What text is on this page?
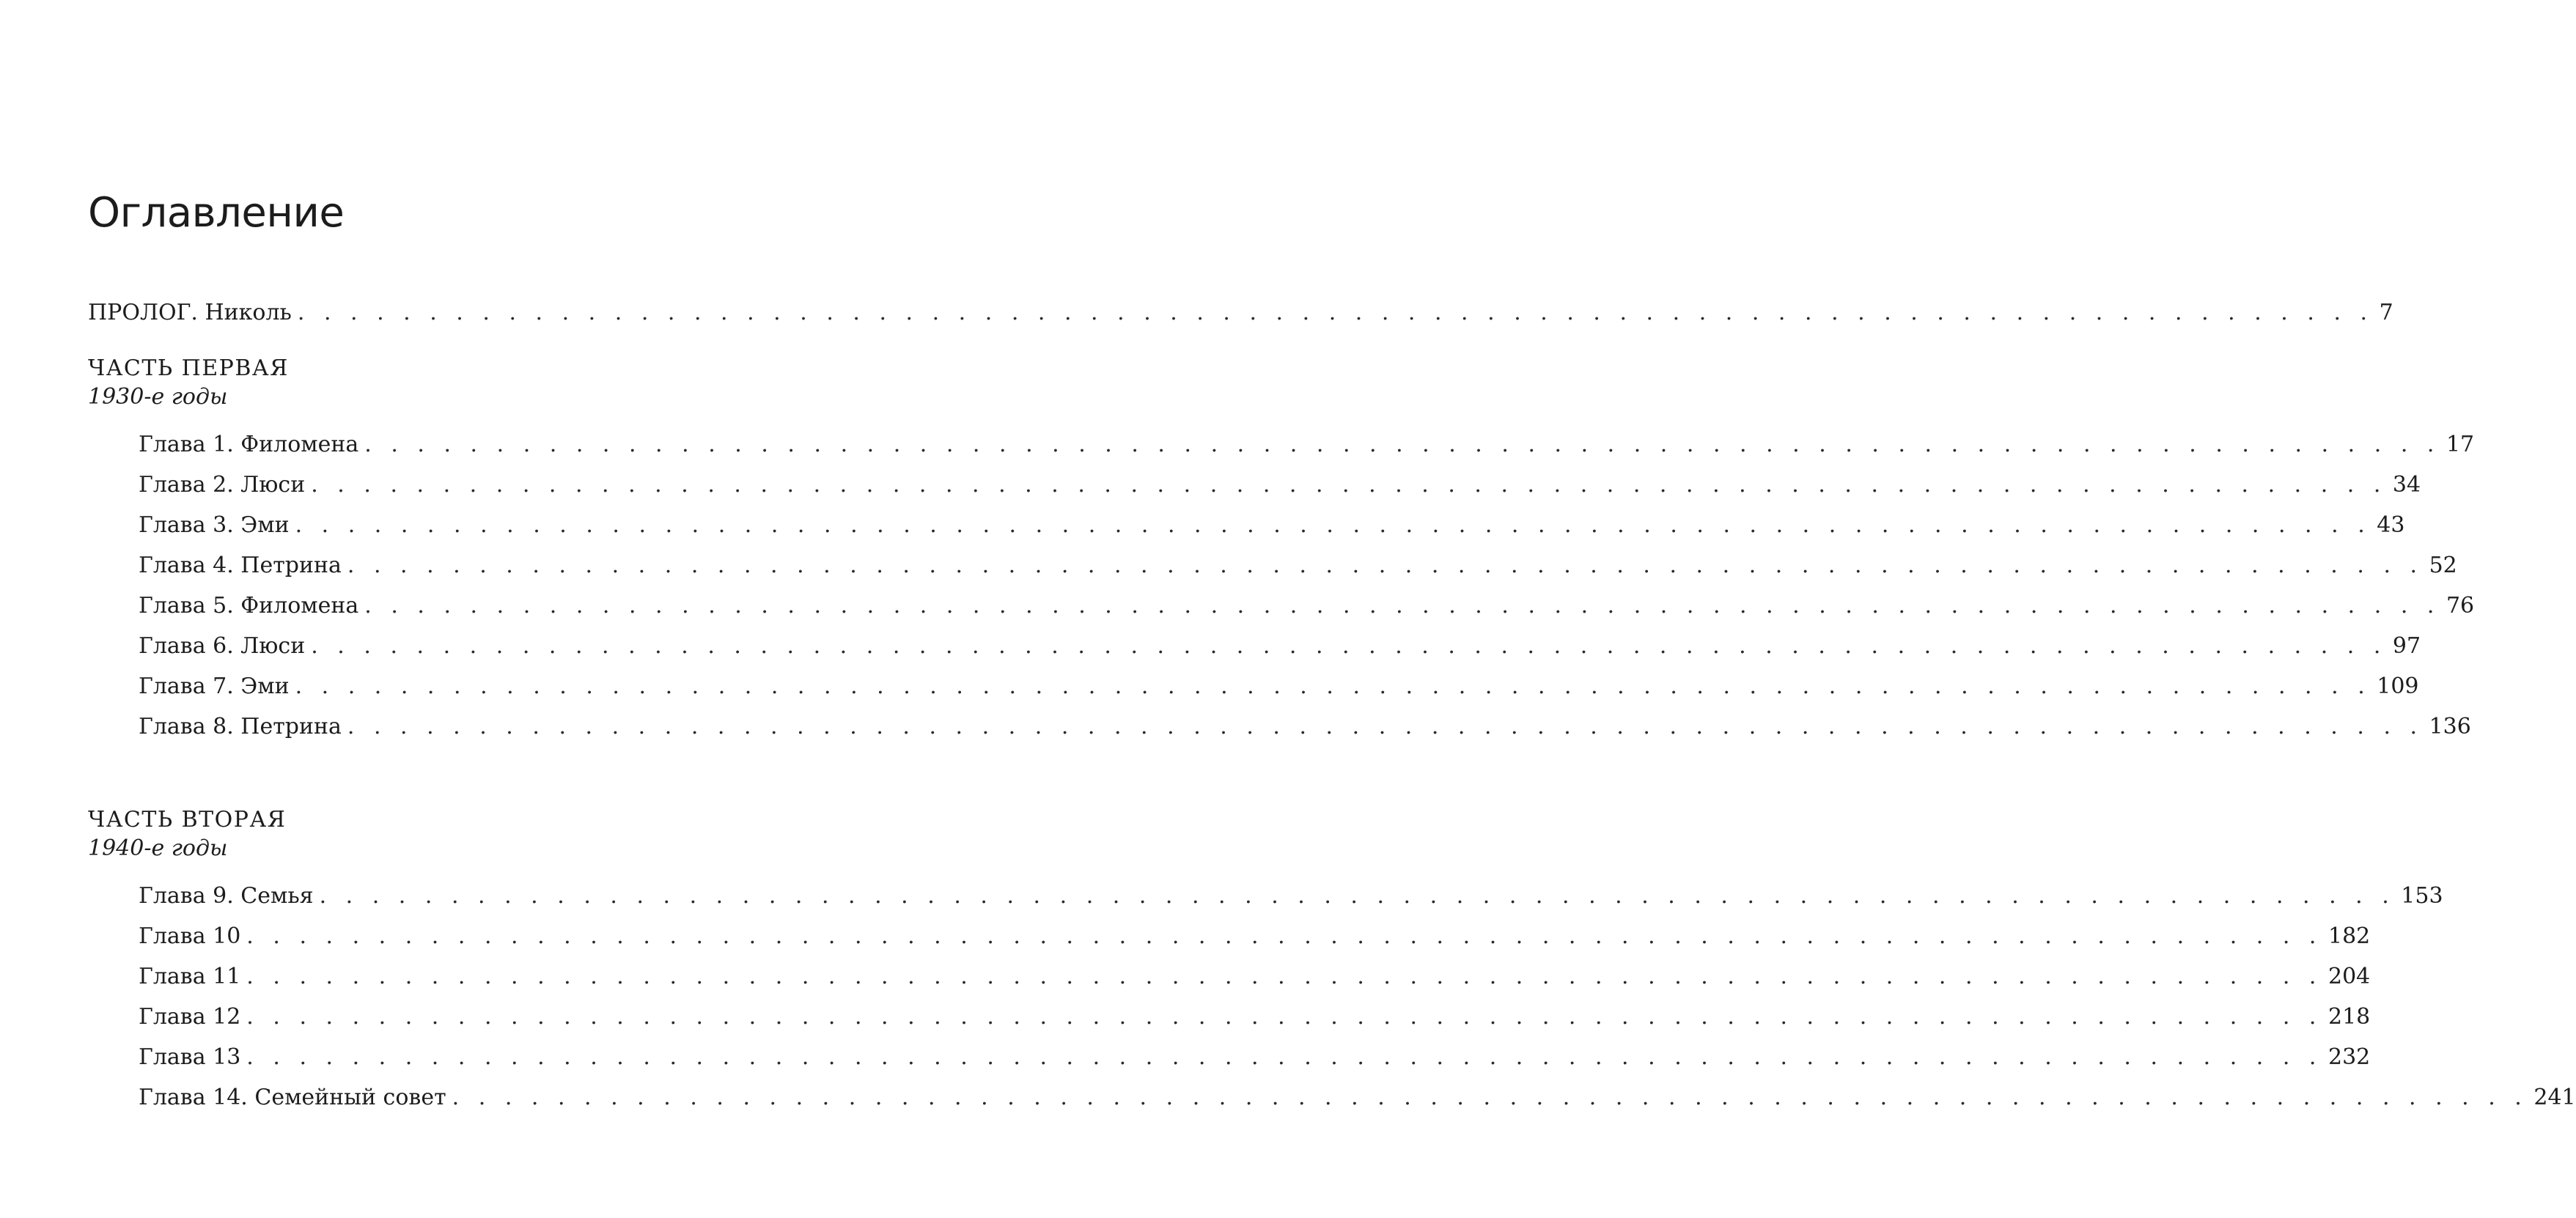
Оглавление
ПРОЛОГ. Николь . . . . . . . . . . . . . . . . . . . . . . . . . . . . . . . . . . . . . . . . . . . . . . . . . . . . . . . . . . . . . . . . . . . . . . . . . . . . . . . 7
ЧАСТЬ ПЕРВАЯ
1930-е годы
Глава 1. Филомена . . . . . . . . . . . . . . . . . . . . . . . . . . . . . . . . . . . . . . . . . . . . . . . . . . . . . . . . . . . . . . . . . . . . . . . . . . . . . . . 17
Глава 2. Люси . . . . . . . . . . . . . . . . . . . . . . . . . . . . . . . . . . . . . . . . . . . . . . . . . . . . . . . . . . . . . . . . . . . . . . . . . . . . . . . 34
Глава 3. Эми . . . . . . . . . . . . . . . . . . . . . . . . . . . . . . . . . . . . . . . . . . . . . . . . . . . . . . . . . . . . . . . . . . . . . . . . . . . . . . . 43
Глава 4. Петрина . . . . . . . . . . . . . . . . . . . . . . . . . . . . . . . . . . . . . . . . . . . . . . . . . . . . . . . . . . . . . . . . . . . . . . . . . . . . . . . 52
Глава 5. Филомена . . . . . . . . . . . . . . . . . . . . . . . . . . . . . . . . . . . . . . . . . . . . . . . . . . . . . . . . . . . . . . . . . . . . . . . . . . . . . . . 76
Глава 6. Люси . . . . . . . . . . . . . . . . . . . . . . . . . . . . . . . . . . . . . . . . . . . . . . . . . . . . . . . . . . . . . . . . . . . . . . . . . . . . . . . 97
Глава 7. Эми . . . . . . . . . . . . . . . . . . . . . . . . . . . . . . . . . . . . . . . . . . . . . . . . . . . . . . . . . . . . . . . . . . . . . . . . . . . . . . . 109
Глава 8. Петрина . . . . . . . . . . . . . . . . . . . . . . . . . . . . . . . . . . . . . . . . . . . . . . . . . . . . . . . . . . . . . . . . . . . . . . . . . . . . . . . 136
ЧАСТЬ ВТОРАЯ
1940-е годы
Глава 9. Семья . . . . . . . . . . . . . . . . . . . . . . . . . . . . . . . . . . . . . . . . . . . . . . . . . . . . . . . . . . . . . . . . . . . . . . . . . . . . . . . 153
Глава 10 . . . . . . . . . . . . . . . . . . . . . . . . . . . . . . . . . . . . . . . . . . . . . . . . . . . . . . . . . . . . . . . . . . . . . . . . . . . . . . . 182
Глава 11 . . . . . . . . . . . . . . . . . . . . . . . . . . . . . . . . . . . . . . . . . . . . . . . . . . . . . . . . . . . . . . . . . . . . . . . . . . . . . . . 204
Глава 12 . . . . . . . . . . . . . . . . . . . . . . . . . . . . . . . . . . . . . . . . . . . . . . . . . . . . . . . . . . . . . . . . . . . . . . . . . . . . . . . 218
Глава 13 . . . . . . . . . . . . . . . . . . . . . . . . . . . . . . . . . . . . . . . . . . . . . . . . . . . . . . . . . . . . . . . . . . . . . . . . . . . . . . . 232
Глава 14. Семейный совет . . . . . . . . . . . . . . . . . . . . . . . . . . . . . . . . . . . . . . . . . . . . . . . . . . . . . . . . . . . . . . . . . . . . . . . . . . . . . . . 241
